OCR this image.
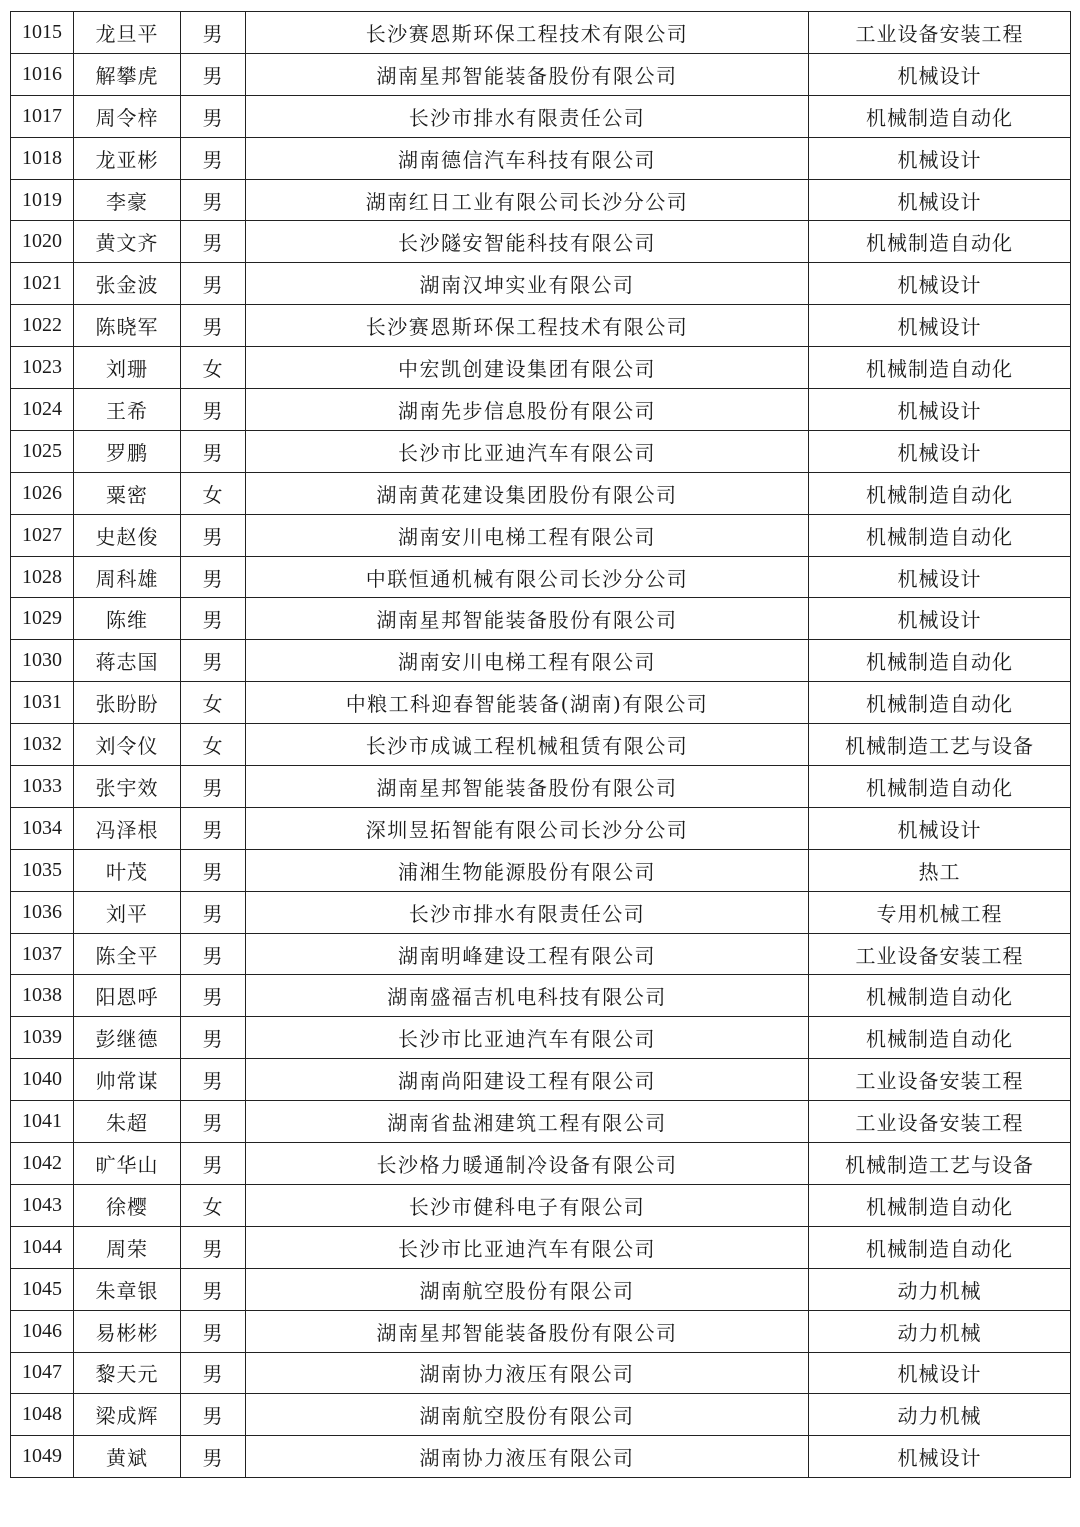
1015	龙旦平	男	长沙赛恩斯环保工程技术有限公司	工业设备安装工程
1016	解攀虎	男	湖南星邦智能装备股份有限公司	机械设计
1017	周令梓	男	长沙市排水有限责任公司	机械制造自动化
1018	龙亚彬	男	湖南德信汽车科技有限公司	机械设计
1019	李豪	男	湖南红日工业有限公司长沙分公司	机械设计
1020	黄文齐	男	长沙隧安智能科技有限公司	机械制造自动化
1021	张金波	男	湖南汉坤实业有限公司	机械设计
1022	陈晓军	男	长沙赛恩斯环保工程技术有限公司	机械设计
1023	刘珊	女	中宏凯创建设集团有限公司	机械制造自动化
1024	王希	男	湖南先步信息股份有限公司	机械设计
1025	罗鹏	男	长沙市比亚迪汽车有限公司	机械设计
1026	粟密	女	湖南黄花建设集团股份有限公司	机械制造自动化
1027	史赵俊	男	湖南安川电梯工程有限公司	机械制造自动化
1028	周科雄	男	中联恒通机械有限公司长沙分公司	机械设计
1029	陈维	男	湖南星邦智能装备股份有限公司	机械设计
1030	蒋志国	男	湖南安川电梯工程有限公司	机械制造自动化
1031	张盼盼	女	中粮工科迎春智能装备(湖南)有限公司	机械制造自动化
1032	刘令仪	女	长沙市成诚工程机械租赁有限公司	机械制造工艺与设备
1033	张宇效	男	湖南星邦智能装备股份有限公司	机械制造自动化
1034	冯泽根	男	深圳昱拓智能有限公司长沙分公司	机械设计
1035	叶茂	男	浦湘生物能源股份有限公司	热工
1036	刘平	男	长沙市排水有限责任公司	专用机械工程
1037	陈全平	男	湖南明峰建设工程有限公司	工业设备安装工程
1038	阳恩呼	男	湖南盛福吉机电科技有限公司	机械制造自动化
1039	彭继德	男	长沙市比亚迪汽车有限公司	机械制造自动化
1040	帅常谋	男	湖南尚阳建设工程有限公司	工业设备安装工程
1041	朱超	男	湖南省盐湘建筑工程有限公司	工业设备安装工程
1042	旷华山	男	长沙格力暖通制冷设备有限公司	机械制造工艺与设备
1043	徐樱	女	长沙市健科电子有限公司	机械制造自动化
1044	周荣	男	长沙市比亚迪汽车有限公司	机械制造自动化
1045	朱章银	男	湖南航空股份有限公司	动力机械
1046	易彬彬	男	湖南星邦智能装备股份有限公司	动力机械
1047	黎天元	男	湖南协力液压有限公司	机械设计
1048	梁成辉	男	湖南航空股份有限公司	动力机械
1049	黄斌	男	湖南协力液压有限公司	机械设计
